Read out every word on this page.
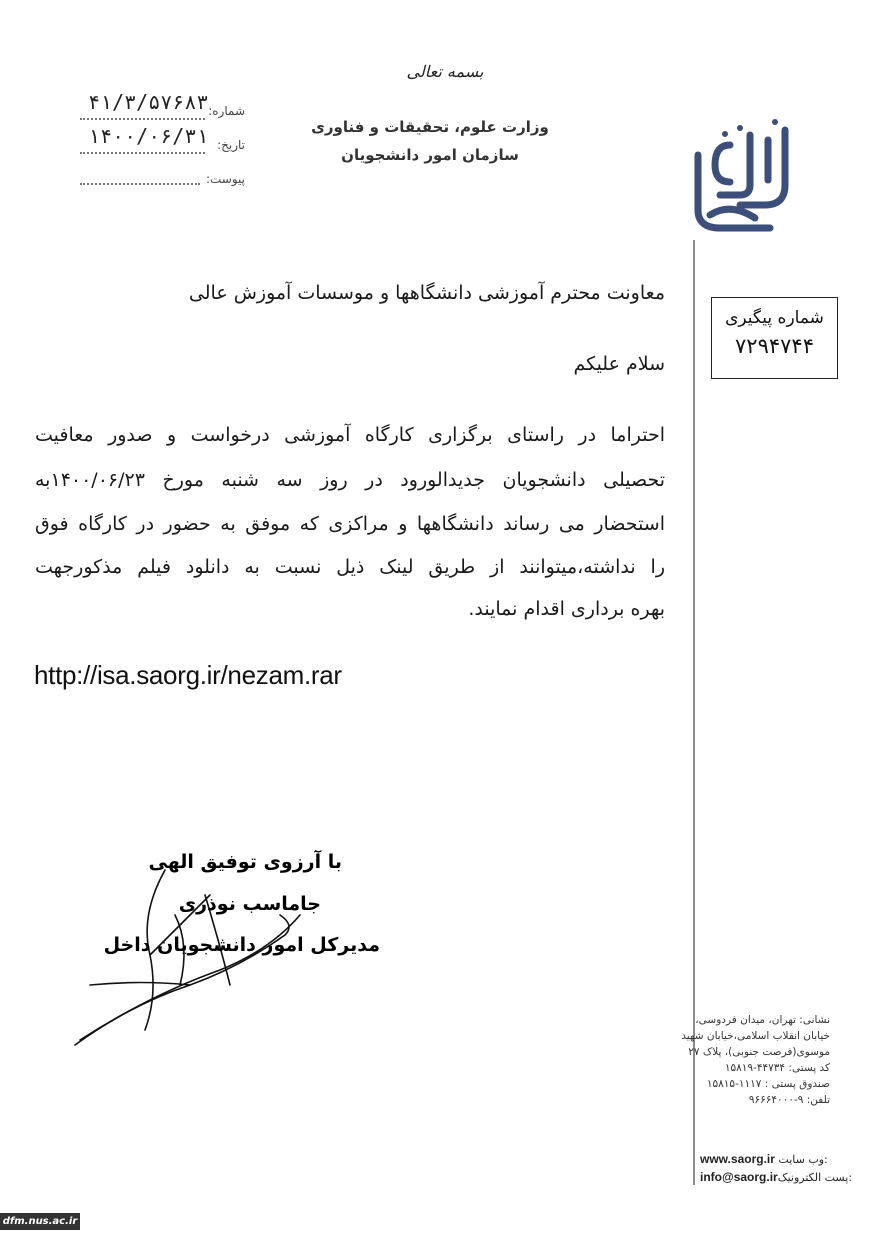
بسمه تعالی
وزارت علوم، تحقیقات و فناوری
سازمان امور دانشجویان
شماره:
۴۱/۳/۵۷۶۸۳
تاریخ:
۱۴۰۰/۰۶/۳۱
پیوست:
شماره پیگیری
۷۲۹۴۷۴۴
معاونت محترم آموزشی دانشگاهها و موسسات آموزش عالی
سلام علیکم
احتراما در راستای برگزاری کارگاه آموزشی درخواست و صدور معافیت
تحصیلی دانشجویان جدیدالورود در روز سه شنبه مورخ ۱۴۰۰/۰۶/۲۳به
استحضار می رساند دانشگاهها و مراکزی که موفق به حضور در کارگاه فوق
را نداشته،میتوانند از طریق لینک ذیل نسبت به دانلود فیلم مذکورجهت
بهره برداری اقدام نمایند.
http://isa.saorg.ir/nezam.rar
با آرزوی توفیق الهی
جاماسب نوذری
مدیرکل امور دانشجویان داخل
نشانی: تهران، میدان فردوسی،
خیابان انقلاب اسلامی،خیابان شهید
موسوی(فرصت جنوبی)، پلاک ۲۷
کد پستی: ۴۴۷۳۴-۱۵۸۱۹
صندوق پستی : ۱۱۱۷-۱۵۸۱۵
تلفن: ۹-۹۶۶۶۴۰۰۰
www.saorg.ir وب سایت:
info@saorg.irپست الکترونیک:
dfm.nus.ac.ir
